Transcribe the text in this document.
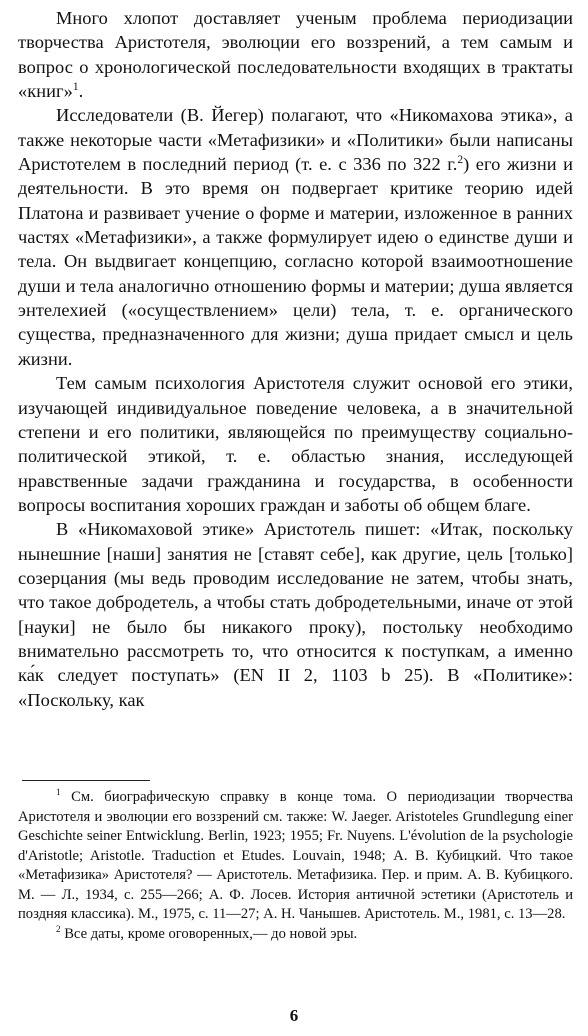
Много хлопот доставляет ученым проблема периодизации творчества Аристотеля, эволюции его воззрений, а тем самым и вопрос о хронологической последовательности входящих в трактаты «книг»$^1$.

Исследователи (В. Йегер) полагают, что «Никомахова этика», а также некоторые части «Метафизики» и «Политики» были написаны Аристотелем в последний период (т. е. с 336 по 322 г.$^2$) его жизни и деятельности. В это время он подвергает критике теорию идей Платона и развивает учение о форме и материи, изложенное в ранних частях «Метафизики», а также формулирует идею о единстве души и тела. Он выдвигает концепцию, согласно которой взаимоотношение души и тела аналогично отношению формы и материи; душа является энтелехией («осуществлением» цели) тела, т. е. органического существа, предназначенного для жизни; душа придает смысл и цель жизни.

Тем самым психология Аристотеля служит основой его этики, изучающей индивидуальное поведение человека, а в значительной степени и его политики, являющейся по преимуществу социально-политической этикой, т. е. областью знания, исследующей нравственные задачи гражданина и государства, в особенности вопросы воспитания хороших граждан и заботы об общем благе.

В «Никомаховой этике» Аристотель пишет: «Итак, поскольку нынешние [наши] занятия не [ставят себе], как другие, цель [только] созерцания (мы ведь проводим исследование не затем, чтобы знать, что такое добродетель, а чтобы стать добродетельными, иначе от этой [науки] не было бы никакого проку), постольку необходимо внимательно рассмотреть то, что относится к поступкам, а именно ка́к следует поступать» (EN II 2, 1103 b 25). В «Политике»: «Поскольку, как

$^1$ См. биографическую справку в конце тома. О периодизации творчества Аристотеля и эволюции его воззрений см. также: W. Jaeger. Aristoteles Grundlegung einer Geschichte seiner Entwicklung. Berlin, 1923; 1955; Fr. Nuyens. L'évolution de la psychologie d'Aristotle; Aristotle. Traduction et Etudes. Louvain, 1948; А. В. Кубицкий. Что такое «Метафизика» Аристотеля? — Аристотель. Метафизика. Пер. и прим. А. В. Кубицкого. М. — Л., 1934, с. 255—266; А. Ф. Лосев. История античной эстетики (Аристотель и поздняя классика). М., 1975, с. 11—27; А. Н. Чанышев. Аристотель. М., 1981, с. 13—28.

$^2$ Все даты, кроме оговоренных,— до новой эры.

6
